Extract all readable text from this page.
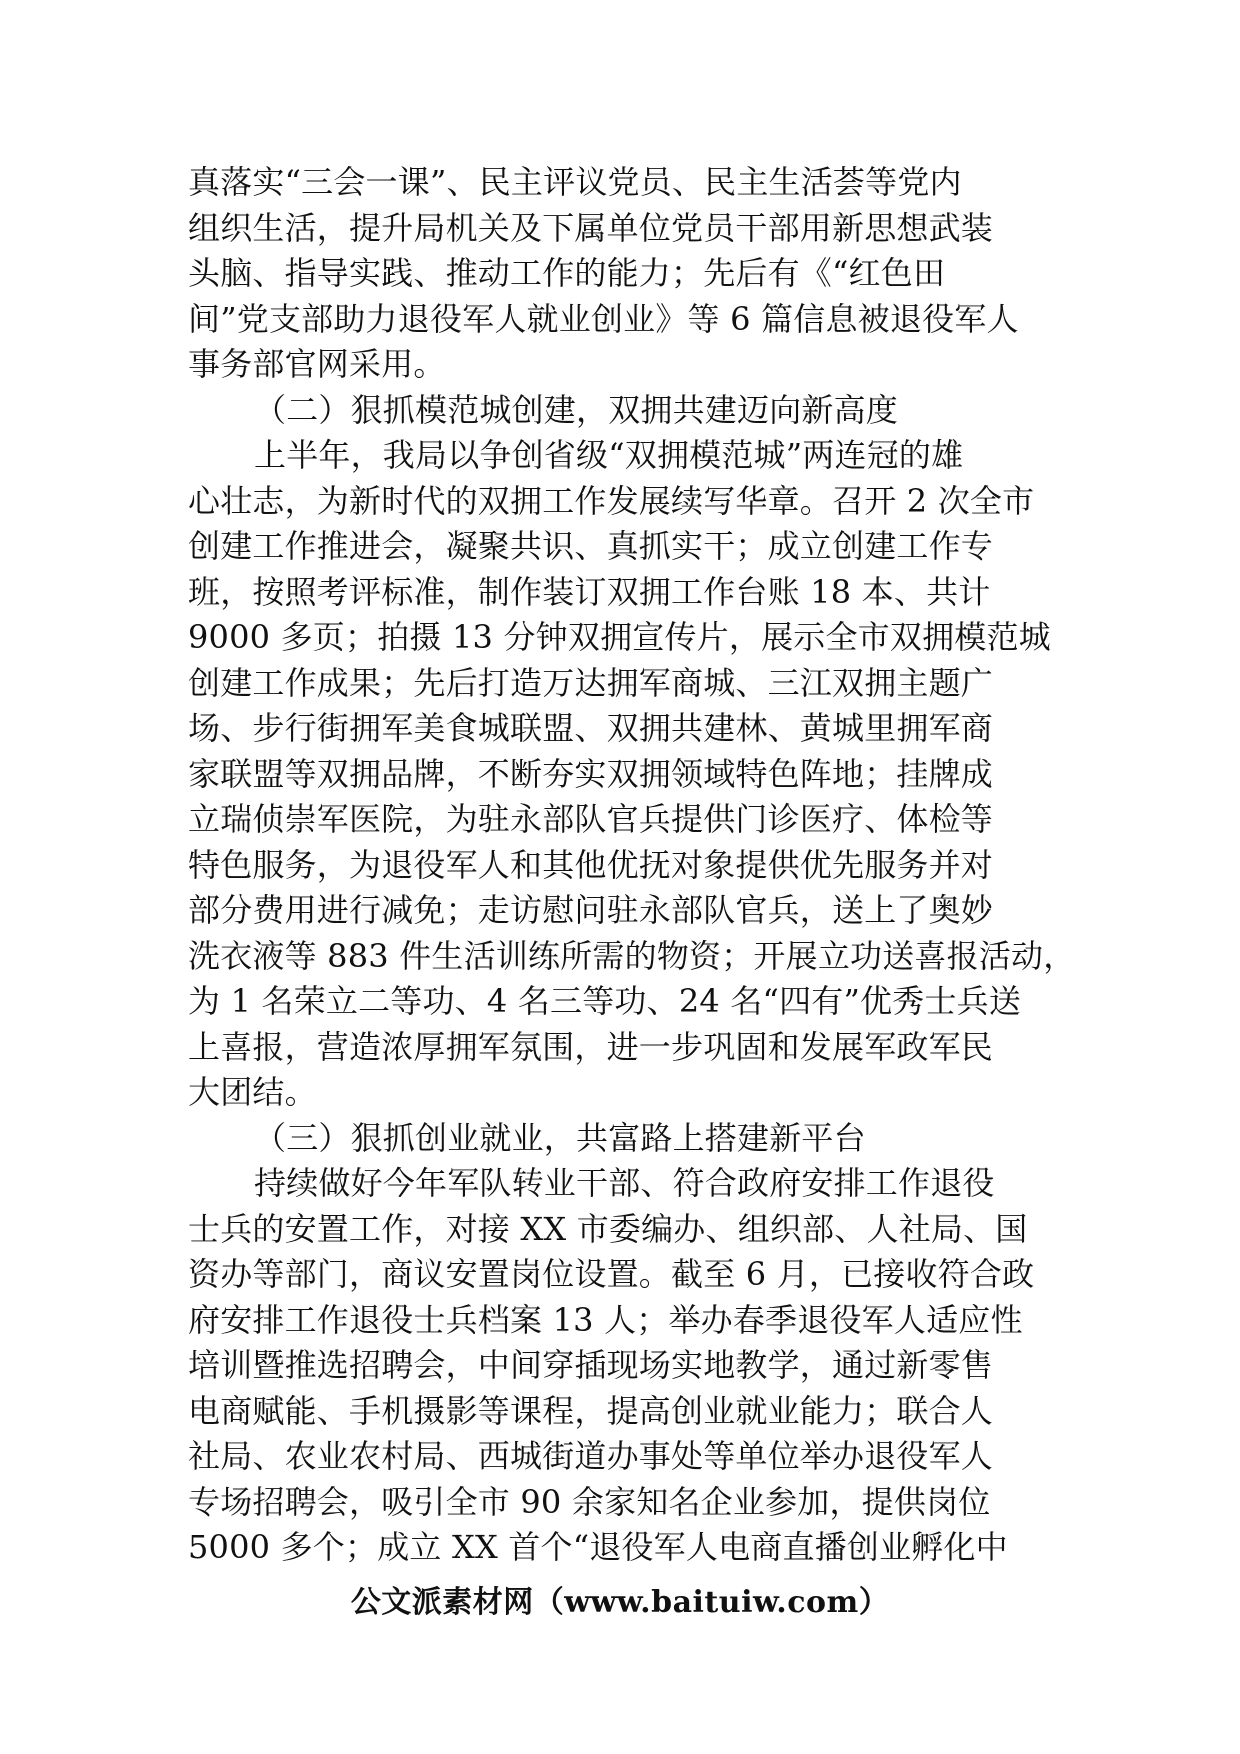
真落实“三会一课”、民主评议党员、民主生活荟等党内
组织生活，提升局机关及下属单位党员干部用新思想武装
头脑、指导实践、推动工作的能力；先后有《“红色田
间”党支部助力退役军人就业创业》等 6 篇信息被退役军人
事务部官网采用。
（二）狠抓模范城创建，双拥共建迈向新高度
上半年，我局以争创省级“双拥模范城”两连冠的雄
心壮志，为新时代的双拥工作发展续写华章。召开 2 次全市
创建工作推进会，凝聚共识、真抓实干；成立创建工作专
班，按照考评标准，制作装订双拥工作台账 18 本、共计
9000 多页；拍摄 13 分钟双拥宣传片，展示全市双拥模范城
创建工作成果；先后打造万达拥军商城、三江双拥主题广
场、步行街拥军美食城联盟、双拥共建林、黄城里拥军商
家联盟等双拥品牌，不断夯实双拥领域特色阵地；挂牌成
立瑞侦崇军医院，为驻永部队官兵提供门诊医疗、体检等
特色服务，为退役军人和其他优抚对象提供优先服务并对
部分费用进行减免；走访慰问驻永部队官兵，送上了奥妙
洗衣液等 883 件生活训练所需的物资；开展立功送喜报活动，
为 1 名荣立二等功、4 名三等功、24 名“四有”优秀士兵送
上喜报，营造浓厚拥军氛围，进一步巩固和发展军政军民
大团结。
（三）狠抓创业就业，共富路上搭建新平台
持续做好今年军队转业干部、符合政府安排工作退役
士兵的安置工作，对接 XX 市委编办、组织部、人社局、国
资办等部门，商议安置岗位设置。截至 6 月，已接收符合政
府安排工作退役士兵档案 13 人；举办春季退役军人适应性
培训暨推选招聘会，中间穿插现场实地教学，通过新零售
电商赋能、手机摄影等课程，提高创业就业能力；联合人
社局、农业农村局、西城街道办事处等单位举办退役军人
专场招聘会，吸引全市 90 余家知名企业参加，提供岗位
5000 多个；成立 XX 首个“退役军人电商直播创业孵化中
公文派素材网（www.baituiw.com）
